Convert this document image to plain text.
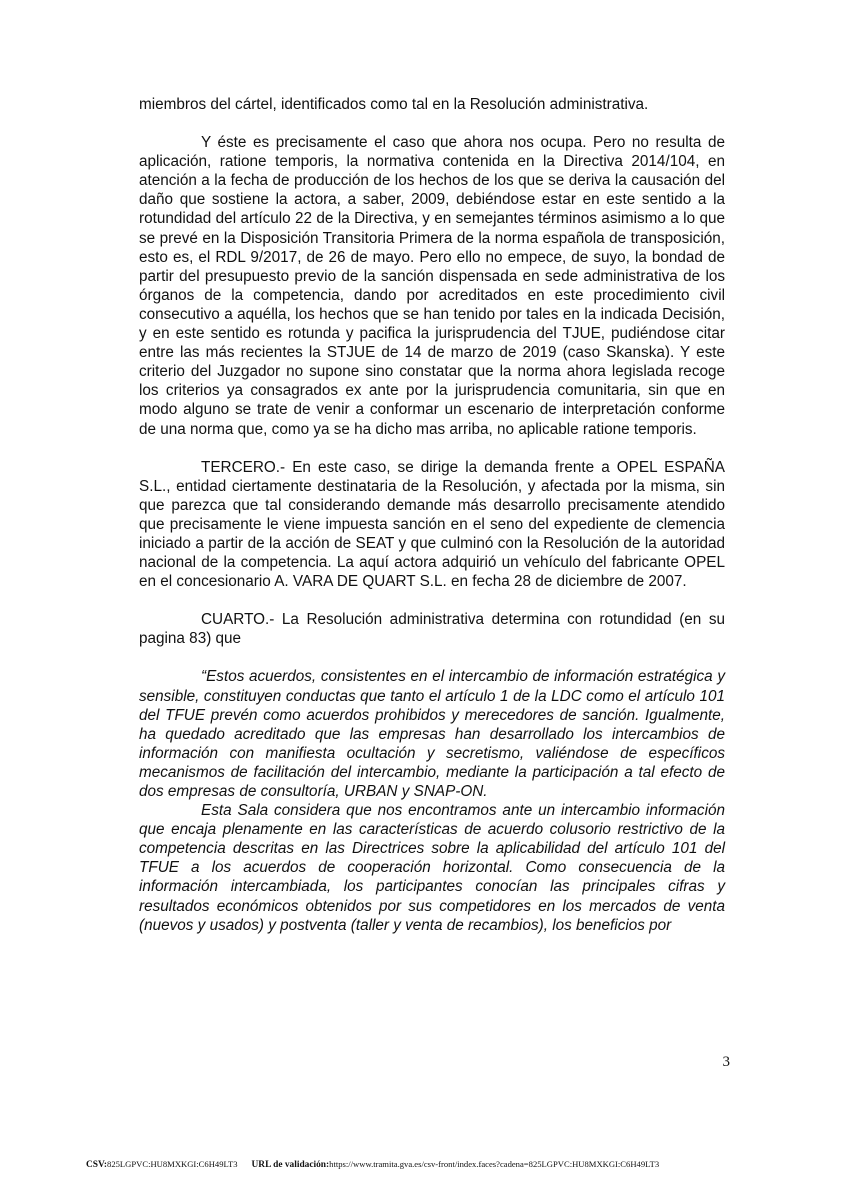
miembros del cártel, identificados como tal en la Resolución administrativa.

Y éste es precisamente el caso que ahora nos ocupa. Pero no resulta de aplicación, ratione temporis, la normativa contenida en la Directiva 2014/104, en atención a la fecha de producción de los hechos de los que se deriva la causación del daño que sostiene la actora, a saber, 2009, debiéndose estar en este sentido a la rotundidad del artículo 22 de la Directiva, y en semejantes términos asimismo a lo que se prevé en la Disposición Transitoria Primera de la norma española de transposición, esto es, el RDL 9/2017, de 26 de mayo. Pero ello no empece, de suyo, la bondad de partir del presupuesto previo de la sanción dispensada en sede administrativa de los órganos de la competencia, dando por acreditados en este procedimiento civil consecutivo a aquélla, los hechos que se han tenido por tales en la indicada Decisión, y en este sentido es rotunda y pacifica la jurisprudencia del TJUE, pudiéndose citar entre las más recientes la STJUE de 14 de marzo de 2019 (caso Skanska). Y este criterio del Juzgador no supone sino constatar que la norma ahora legislada recoge los criterios ya consagrados ex ante por la jurisprudencia comunitaria, sin que en modo alguno se trate de venir a conformar un escenario de interpretación conforme de una norma que, como ya se ha dicho mas arriba, no aplicable ratione temporis.

TERCERO.- En este caso, se dirige la demanda frente a OPEL ESPAÑA S.L., entidad ciertamente destinataria de la Resolución, y afectada por la misma, sin que parezca que tal considerando demande más desarrollo precisamente atendido que precisamente le viene impuesta sanción en el seno del expediente de clemencia iniciado a partir de la acción de SEAT y que culminó con la Resolución de la autoridad nacional de la competencia. La aquí actora adquirió un vehículo del fabricante OPEL en el concesionario A. VARA DE QUART S.L. en fecha 28 de diciembre de 2007.

CUARTO.- La Resolución administrativa determina con rotundidad (en su pagina 83) que

“Estos acuerdos, consistentes en el intercambio de información estratégica y sensible, constituyen conductas que tanto el artículo 1 de la LDC como el artículo 101 del TFUE prevén como acuerdos prohibidos y merecedores de sanción. Igualmente, ha quedado acreditado que las empresas han desarrollado los intercambios de información con manifiesta ocultación y secretismo, valiéndose de específicos mecanismos de facilitación del intercambio, mediante la participación a tal efecto de dos empresas de consultoría, URBAN y SNAP-ON.

Esta Sala considera que nos encontramos ante un intercambio información que encaja plenamente en las características de acuerdo colusorio restrictivo de la competencia descritas en las Directrices sobre la aplicabilidad del artículo 101 del TFUE a los acuerdos de cooperación horizontal. Como consecuencia de la información intercambiada, los participantes conocían las principales cifras y resultados económicos obtenidos por sus competidores en los mercados de venta (nuevos y usados) y postventa (taller y venta de recambios), los beneficios por

3
CSV:825LGPVC:HU8MXKGI:C6H49LT3 URL de validación:https://www.tramita.gva.es/csv-front/index.faces?cadena=825LGPVC:HU8MXKGI:C6H49LT3
